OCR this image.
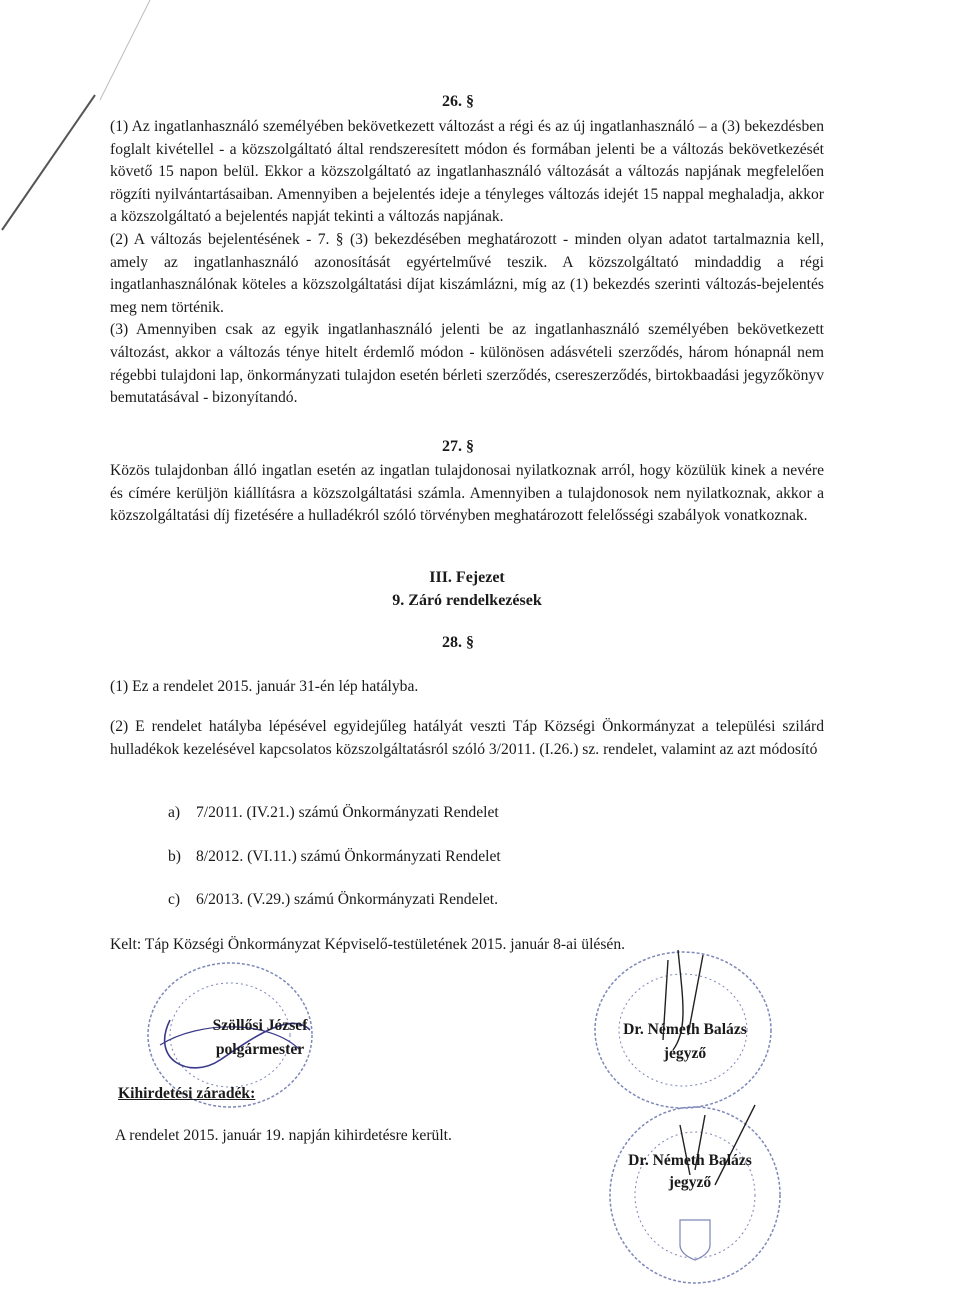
26. §

(1) Az ingatlanhasználó személyében bekövetkezett változást a régi és az új ingatlanhasználó – a (3) bekezdésben foglalt kivétellel - a közszolgáltató által rendszeresített módon és formában jelenti be a változás bekövetkezését követő 15 napon belül. Ekkor a közszolgáltató az ingatlanhasználó változását a változás napjának megfelelően rögzíti nyilvántartásaiban. Amennyiben a bejelentés ideje a tényleges változás idejét 15 nappal meghaladja, akkor a közszolgáltató a bejelentés napját tekinti a változás napjának.

(2) A változás bejelentésének - 7. § (3) bekezdésében meghatározott - minden olyan adatot tartalmaznia kell, amely az ingatlanhasználó azonosítását egyértelművé teszik. A közszolgáltató mindaddig a régi ingatlanhasználónak köteles a közszolgáltatási díjat kiszámlázni, míg az (1) bekezdés szerinti változás-bejelentés meg nem történik.

(3) Amennyiben csak az egyik ingatlanhasználó jelenti be az ingatlanhasználó személyében bekövetkezett változást, akkor a változás ténye hitelt érdemlő módon - különösen adásvételi szerződés, három hónapnál nem régebbi tulajdoni lap, önkormányzati tulajdon esetén bérleti szerződés, csereszerződés, birtokbaadási jegyzőkönyv bemutatásával - bizonyítandó.

27. §

Közös tulajdonban álló ingatlan esetén az ingatlan tulajdonosai nyilatkoznak arról, hogy közülük kinek a nevére és címére kerüljön kiállításra a közszolgáltatási számla. Amennyiben a tulajdonosok nem nyilatkoznak, akkor a közszolgáltatási díj fizetésére a hulladékról szóló törvényben meghatározott felelősségi szabályok vonatkoznak.

III. Fejezet
9. Záró rendelkezések
28. §
(1) Ez a rendelet 2015. január 31-én lép hatályba.
(2) E rendelet hatályba lépésével egyidejűleg hatályát veszti Táp Községi Önkormányzat a települési szilárd hulladékok kezelésével kapcsolatos közszolgáltatásról szóló 3/2011. (I.26.) sz. rendelet, valamint az azt módosító
a) 7/2011. (IV.21.) számú Önkormányzati Rendelet
b) 8/2012. (VI.11.) számú Önkormányzati Rendelet
c) 6/2013. (V.29.) számú Önkormányzati Rendelet.
Kelt: Táp Községi Önkormányzat Képviselő-testületének 2015. január 8-ai ülésén.
Szöllősi József
polgármester
Dr. Németh Balázs
jegyző
Kihirdetési záradék:
A rendelet 2015. január 19. napján kihirdetésre került.
Dr. Németh Balázs
jegyző
